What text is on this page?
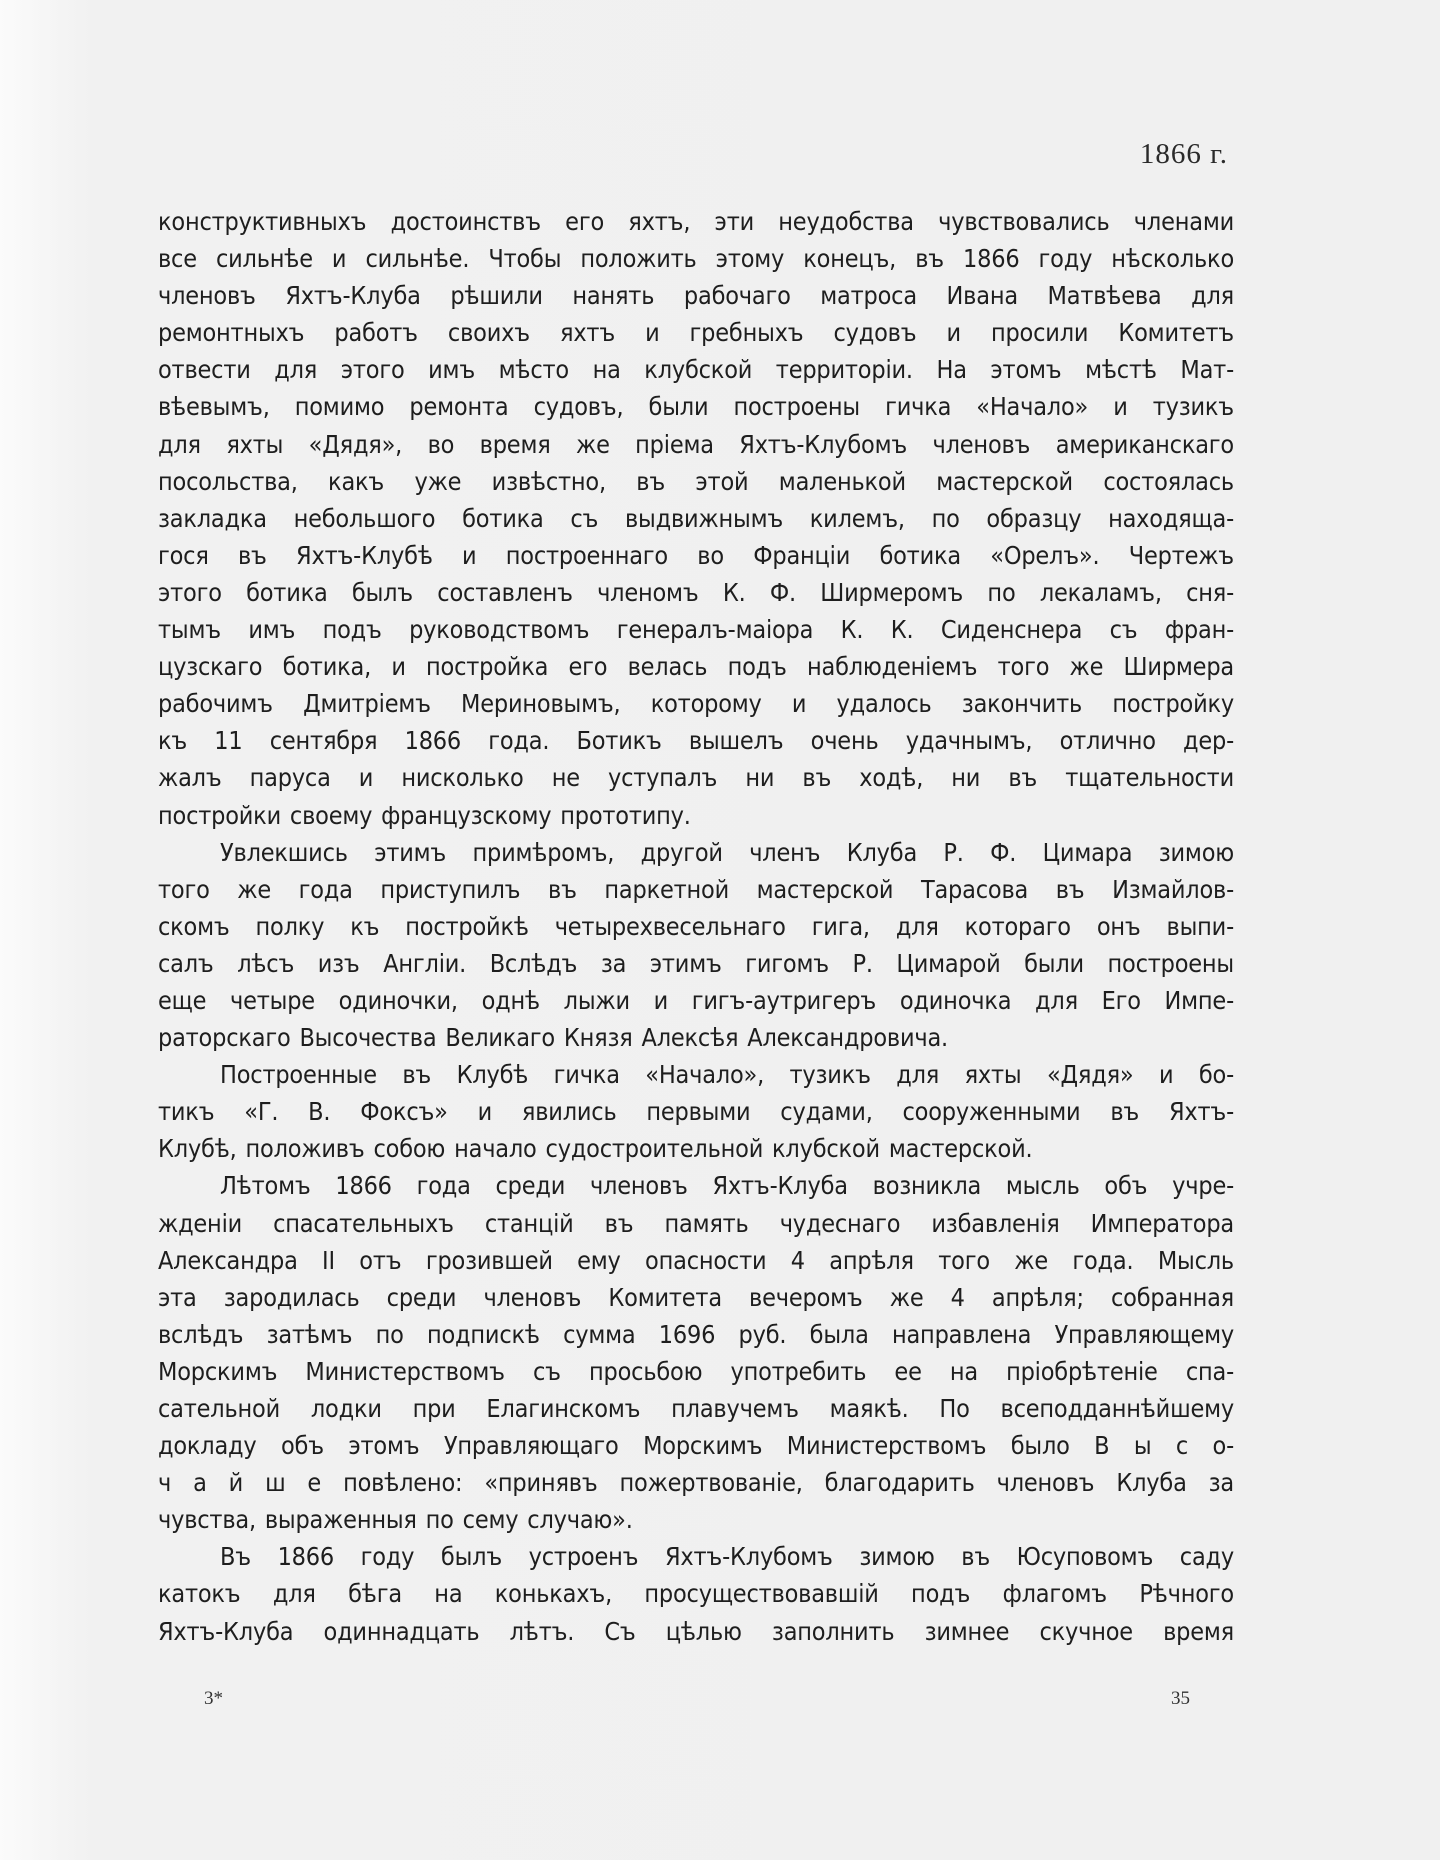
1866 г.
конструктивныхъ достоинствъ его яхтъ, эти неудобства чувствовались членами
все сильнѣе и сильнѣе. Чтобы положить этому конецъ, въ 1866 году нѣсколько
членовъ Яхтъ-Клуба рѣшили нанять рабочаго матроса Ивана Матвѣева для
ремонтныхъ работъ своихъ яхтъ и гребныхъ судовъ и просили Комитетъ
отвести для этого имъ мѣсто на клубской территоріи. На этомъ мѣстѣ Мат-
вѣевымъ, помимо ремонта судовъ, были построены гичка «Начало» и тузикъ
для яхты «Дядя», во время же пріема Яхтъ-Клубомъ членовъ американскаго
посольства, какъ уже извѣстно, въ этой маленькой мастерской состоялась
закладка небольшого ботика съ выдвижнымъ килемъ, по образцу находяща-
гося въ Яхтъ-Клубѣ и построеннаго во Франціи ботика «Орелъ». Чертежъ
этого ботика былъ составленъ членомъ К. Ф. Ширмеромъ по лекаламъ, сня-
тымъ имъ подъ руководствомъ генералъ-маіора К. К. Сиденснера съ фран-
цузскаго ботика, и постройка его велась подъ наблюденіемъ того же Ширмера
рабочимъ Дмитріемъ Мериновымъ, которому и удалось закончить постройку
къ 11 сентября 1866 года. Ботикъ вышелъ очень удачнымъ, отлично дер-
жалъ паруса и нисколько не уступалъ ни въ ходѣ, ни въ тщательности
постройки своему французскому прототипу.
Увлекшись этимъ примѣромъ, другой членъ Клуба Р. Ф. Цимара зимою
того же года приступилъ въ паркетной мастерской Тарасова въ Измайлов-
скомъ полку къ постройкѣ четырехвесельнаго гига, для котораго онъ выпи-
салъ лѣсъ изъ Англіи. Вслѣдъ за этимъ гигомъ Р. Цимарой были построены
еще четыре одиночки, однѣ лыжи и гигъ-аутригеръ одиночка для Его Импе-
раторскаго Высочества Великаго Князя Алексѣя Александровича.
Построенные въ Клубѣ гичка «Начало», тузикъ для яхты «Дядя» и бо-
тикъ «Г. В. Фоксъ» и явились первыми судами, сооруженными въ Яхтъ-
Клубѣ, положивъ собою начало судостроительной клубской мастерской.
Лѣтомъ 1866 года среди членовъ Яхтъ-Клуба возникла мысль объ учре-
жденіи спасательныхъ станцій въ память чудеснаго избавленія Императора
Александра II отъ грозившей ему опасности 4 апрѣля того же года. Мысль
эта зародилась среди членовъ Комитета вечеромъ же 4 апрѣля; собранная
вслѣдъ затѣмъ по подпискѣ сумма 1696 руб. была направлена Управляющему
Морскимъ Министерствомъ съ просьбою употребить ее на пріобрѣтеніе спа-
сательной лодки при Елагинскомъ плавучемъ маякѣ. По всеподданнѣйшему
докладу объ этомъ Управляющаго Морскимъ Министерствомъ было В ы с о-
ч а й ш е повѣлено: «принявъ пожертвованіе, благодарить членовъ Клуба за
чувства, выраженныя по сему случаю».
Въ 1866 году былъ устроенъ Яхтъ-Клубомъ зимою въ Юсуповомъ саду
катокъ для бѣга на конькахъ, просуществовавшій подъ флагомъ Рѣчного
Яхтъ-Клуба одиннадцать лѣтъ. Съ цѣлью заполнить зимнее скучное время
3*	35
